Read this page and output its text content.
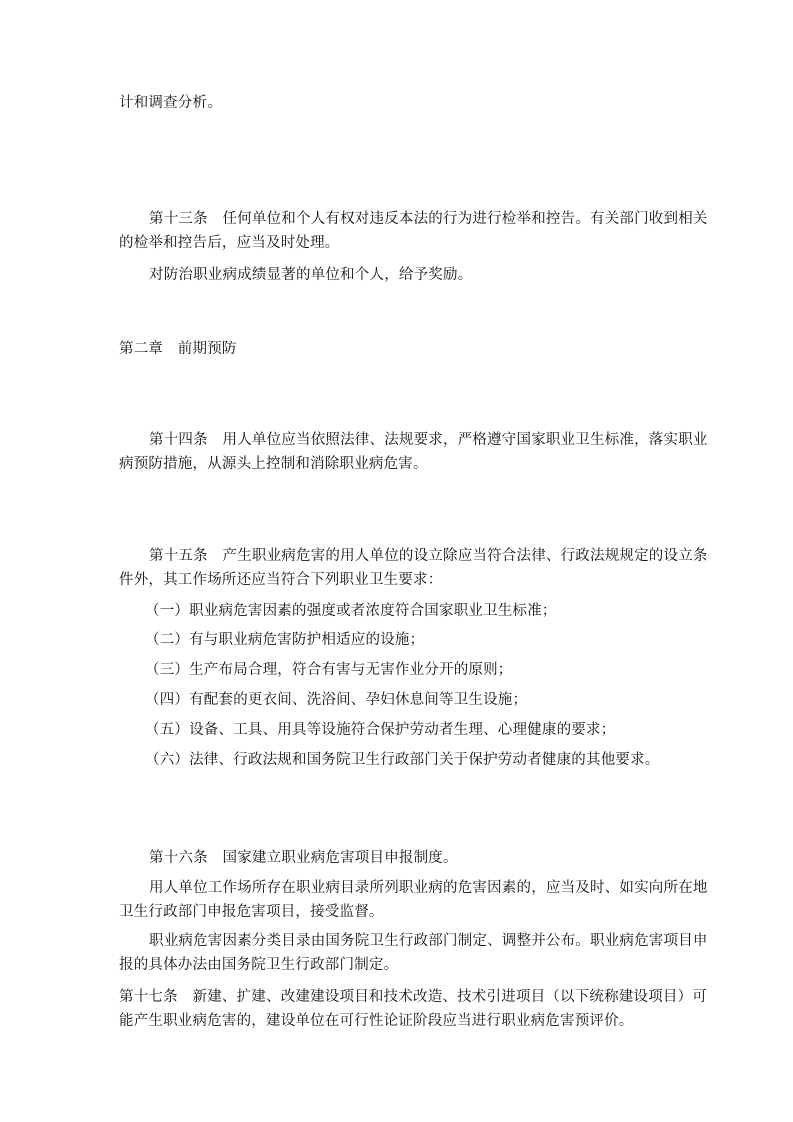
计和调查分析。
第十三条　任何单位和个人有权对违反本法的行为进行检举和控告。有关部门收到相关
的检举和控告后，应当及时处理。
对防治职业病成绩显著的单位和个人，给予奖励。
第二章　前期预防
第十四条　用人单位应当依照法律、法规要求，严格遵守国家职业卫生标准，落实职业
病预防措施，从源头上控制和消除职业病危害。
第十五条　产生职业病危害的用人单位的设立除应当符合法律、行政法规规定的设立条
件外，其工作场所还应当符合下列职业卫生要求：
（一）职业病危害因素的强度或者浓度符合国家职业卫生标准；
（二）有与职业病危害防护相适应的设施；
（三）生产布局合理，符合有害与无害作业分开的原则；
（四）有配套的更衣间、洗浴间、孕妇休息间等卫生设施；
（五）设备、工具、用具等设施符合保护劳动者生理、心理健康的要求；
（六）法律、行政法规和国务院卫生行政部门关于保护劳动者健康的其他要求。
第十六条　国家建立职业病危害项目申报制度。
用人单位工作场所存在职业病目录所列职业病的危害因素的，应当及时、如实向所在地
卫生行政部门申报危害项目，接受监督。
职业病危害因素分类目录由国务院卫生行政部门制定、调整并公布。职业病危害项目申
报的具体办法由国务院卫生行政部门制定。
第十七条　新建、扩建、改建建设项目和技术改造、技术引进项目（以下统称建设项目）可
能产生职业病危害的，建设单位在可行性论证阶段应当进行职业病危害预评价。
